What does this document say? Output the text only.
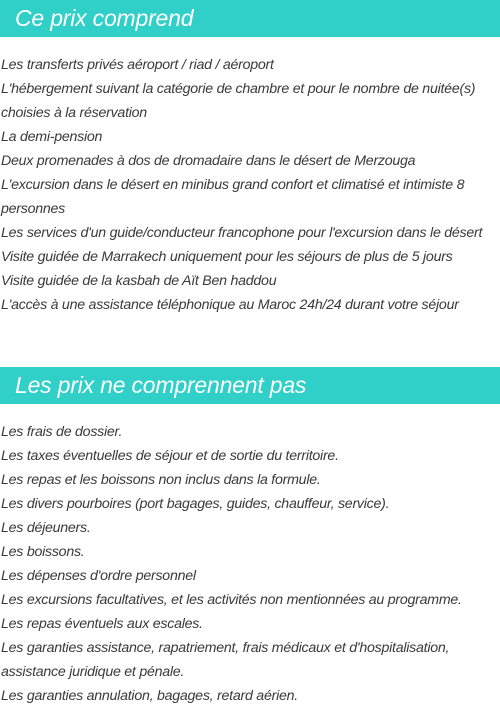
Ce prix comprend
Les transferts privés aéroport / riad / aéroport
L'hébergement suivant la catégorie de chambre et pour le nombre de nuitée(s) choisies à la réservation
La demi-pension
Deux promenades à dos de dromadaire dans le désert de Merzouga
L'excursion dans le désert en minibus grand confort et climatisé et intimiste 8 personnes
Les services d'un guide/conducteur francophone pour l'excursion dans le désert
Visite guidée de Marrakech uniquement pour les séjours de plus de 5 jours
Visite guidée de la kasbah de Aït Ben haddou
L'accès à une assistance téléphonique au Maroc 24h/24 durant votre séjour
Les prix ne comprennent pas
Les frais de dossier.
Les taxes éventuelles de séjour et de sortie du territoire.
Les repas et les boissons non inclus dans la formule.
Les divers pourboires (port bagages, guides, chauffeur, service).
Les déjeuners.
Les boissons.
Les dépenses d'ordre personnel
Les excursions facultatives, et les activités non mentionnées au programme.
Les repas éventuels aux escales.
Les garanties assistance, rapatriement, frais médicaux et d'hospitalisation, assistance juridique et pénale.
Les garanties annulation, bagages, retard aérien.
